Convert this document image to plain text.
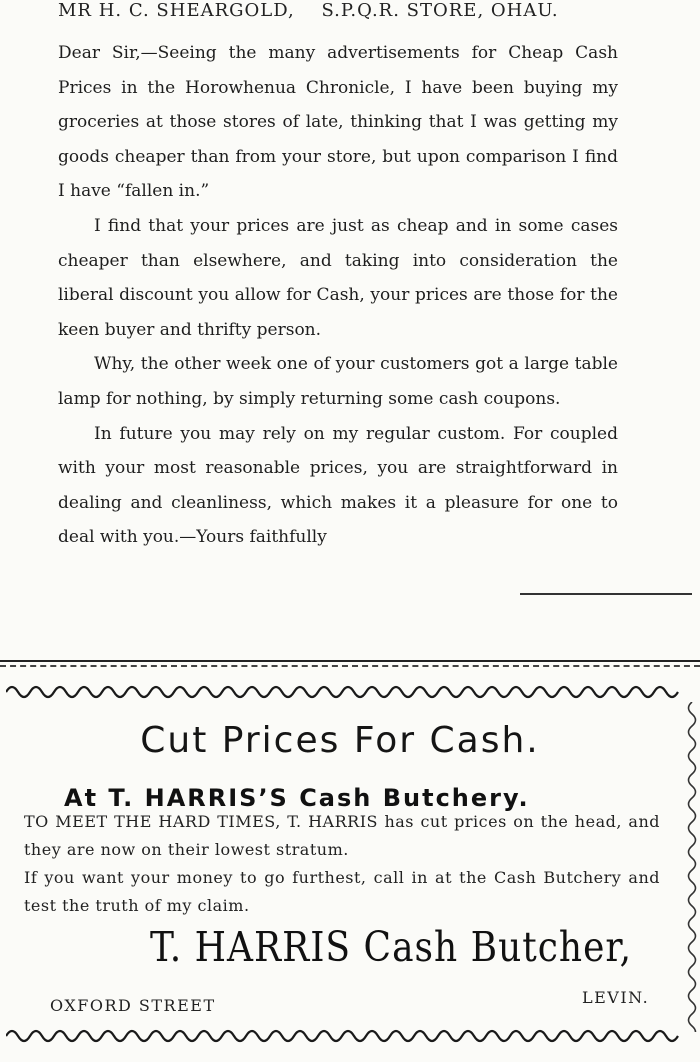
MR H. C. SHEARGOLD, S.P.Q.R. STORE, OHAU.

Dear Sir,—Seeing the many advertisements for Cheap Cash Prices in the Horowhenua Chronicle, I have been buying my groceries at those stores of late, thinking that I was getting my goods cheaper than from your store, but upon comparison I find I have “fallen in.”

I find that your prices are just as cheap and in some cases cheaper than elsewhere, and taking into consideration the liberal discount you allow for Cash, your prices are those for the keen buyer and thrifty person.

Why, the other week one of your customers got a large table lamp for nothing, by simply returning some cash coupons.

In future you may rely on my regular custom. For coupled with your most reasonable prices, you are straightforward in dealing and cleanliness, which makes it a pleasure for one to deal with you.—Yours faithfully

Cut Prices For Cash.
At T. HARRIS’S Cash Butchery.

TO MEET THE HARD TIMES, T. HARRIS has cut prices on the head, and they are now on their lowest stratum.

If you want your money to go furthest, call in at the Cash Butchery and test the truth of my claim.

T. HARRIS Cash Butcher,
OXFORD STREET	LEVIN.
